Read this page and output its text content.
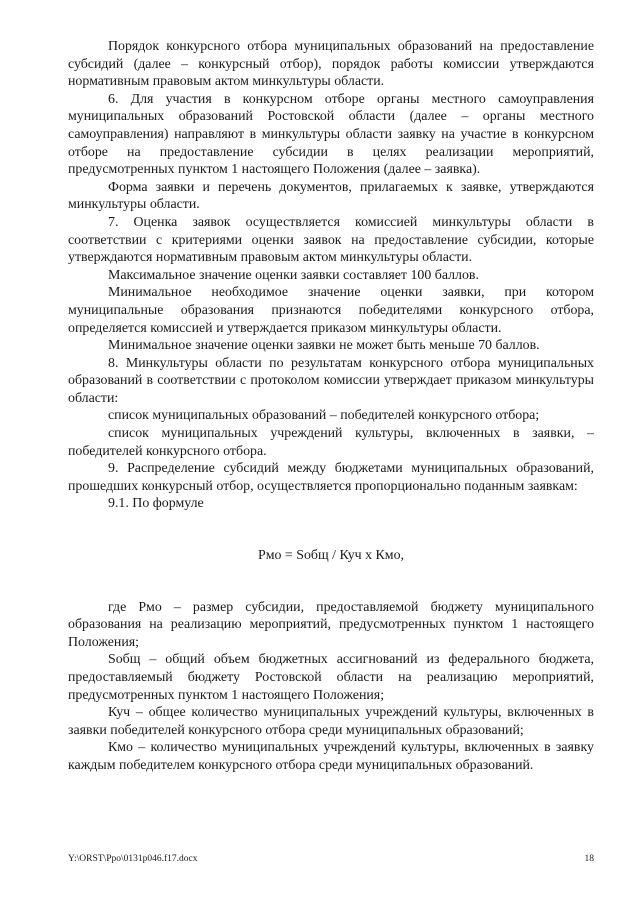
Порядок конкурсного отбора муниципальных образований на предоставление субсидий (далее – конкурсный отбор), порядок работы комиссии утверждаются нормативным правовым актом минкультуры области.

6. Для участия в конкурсном отборе органы местного самоуправления муниципальных образований Ростовской области (далее – органы местного самоуправления) направляют в минкультуры области заявку на участие в конкурсном отборе на предоставление субсидии в целях реализации мероприятий, предусмотренных пунктом 1 настоящего Положения (далее – заявка).

Форма заявки и перечень документов, прилагаемых к заявке, утверждаются минкультуры области.

7. Оценка заявок осуществляется комиссией минкультуры области в соответствии с критериями оценки заявок на предоставление субсидии, которые утверждаются нормативным правовым актом минкультуры области.

Максимальное значение оценки заявки составляет 100 баллов.

Минимальное необходимое значение оценки заявки, при котором муниципальные образования признаются победителями конкурсного отбора, определяется комиссией и утверждается приказом минкультуры области.

Минимальное значение оценки заявки не может быть меньше 70 баллов.

8. Минкультуры области по результатам конкурсного отбора муниципальных образований в соответствии с протоколом комиссии утверждает приказом минкультуры области:

список муниципальных образований – победителей конкурсного отбора;

список муниципальных учреждений культуры, включенных в заявки, – победителей конкурсного отбора.

9. Распределение субсидий между бюджетами муниципальных образований, прошедших конкурсный отбор, осуществляется пропорционально поданным заявкам:

9.1. По формуле

Рмо = Sобщ / Куч x Кмо,

где Рмо – размер субсидии, предоставляемой бюджету муниципального образования на реализацию мероприятий, предусмотренных пунктом 1 настоящего Положения;

Sобщ – общий объем бюджетных ассигнований из федерального бюджета, предоставляемый бюджету Ростовской области на реализацию мероприятий, предусмотренных пунктом 1 настоящего Положения;

Куч – общее количество муниципальных учреждений культуры, включенных в заявки победителей конкурсного отбора среди муниципальных образований;

Кмо – количество муниципальных учреждений культуры, включенных в заявку каждым победителем конкурсного отбора среди муниципальных образований.

Y:\ORST\Ppo\0131p046.f17.docx	18
